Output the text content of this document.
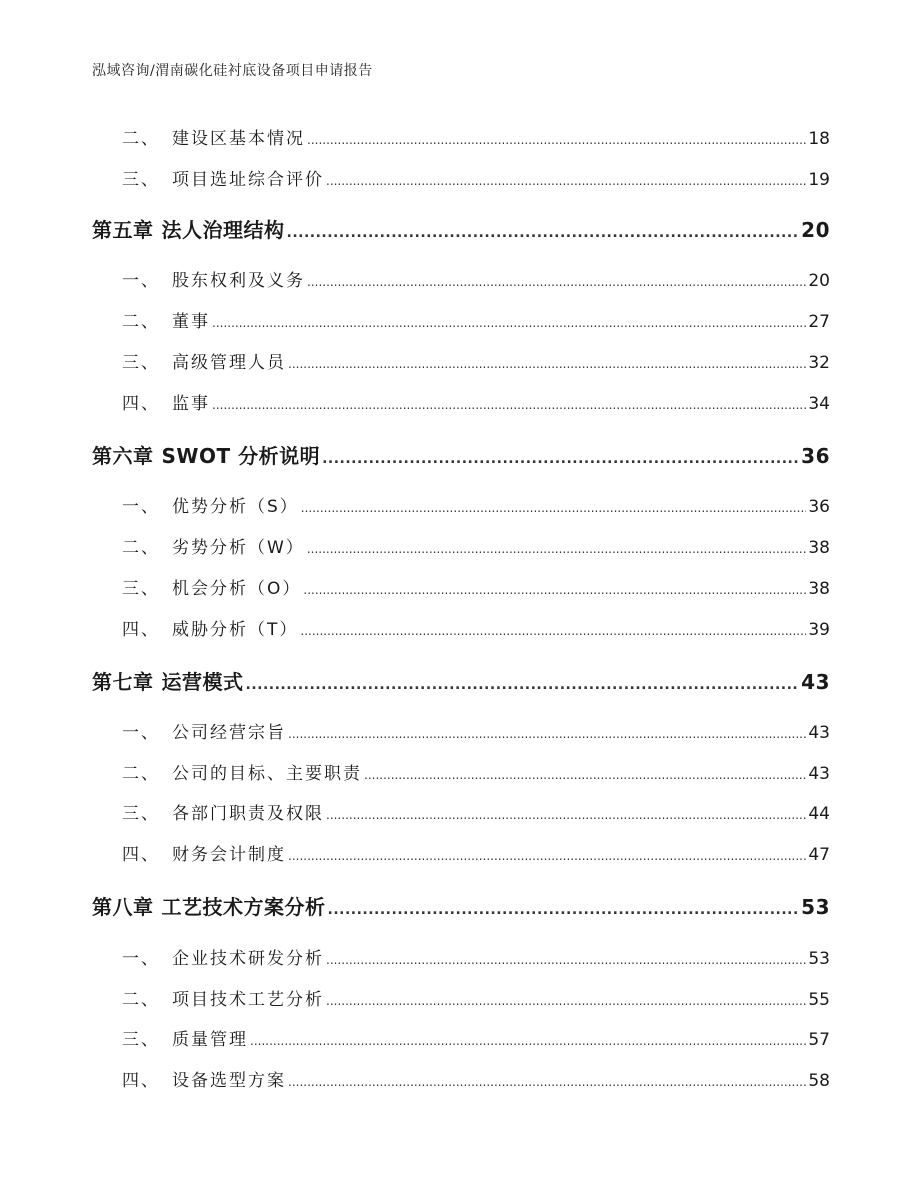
泓域咨询/渭南碳化硅衬底设备项目申请报告
二、 建设区基本情况 .....	18
三、 项目选址综合评价 .....	19
第五章 法人治理结构 .....	20
一、 股东权利及义务 .....	20
二、 董事 .....	27
三、 高级管理人员 .....	32
四、 监事 .....	34
第六章 SWOT 分析说明 .....	36
一、 优势分析（S） .....	36
二、 劣势分析（W） .....	38
三、 机会分析（O） .....	38
四、 威胁分析（T） .....	39
第七章 运营模式 .....	43
一、 公司经营宗旨 .....	43
二、 公司的目标、主要职责 .....	43
三、 各部门职责及权限 .....	44
四、 财务会计制度 .....	47
第八章 工艺技术方案分析 .....	53
一、 企业技术研发分析 .....	53
二、 项目技术工艺分析 .....	55
三、 质量管理 .....	57
四、 设备选型方案 .....	58
